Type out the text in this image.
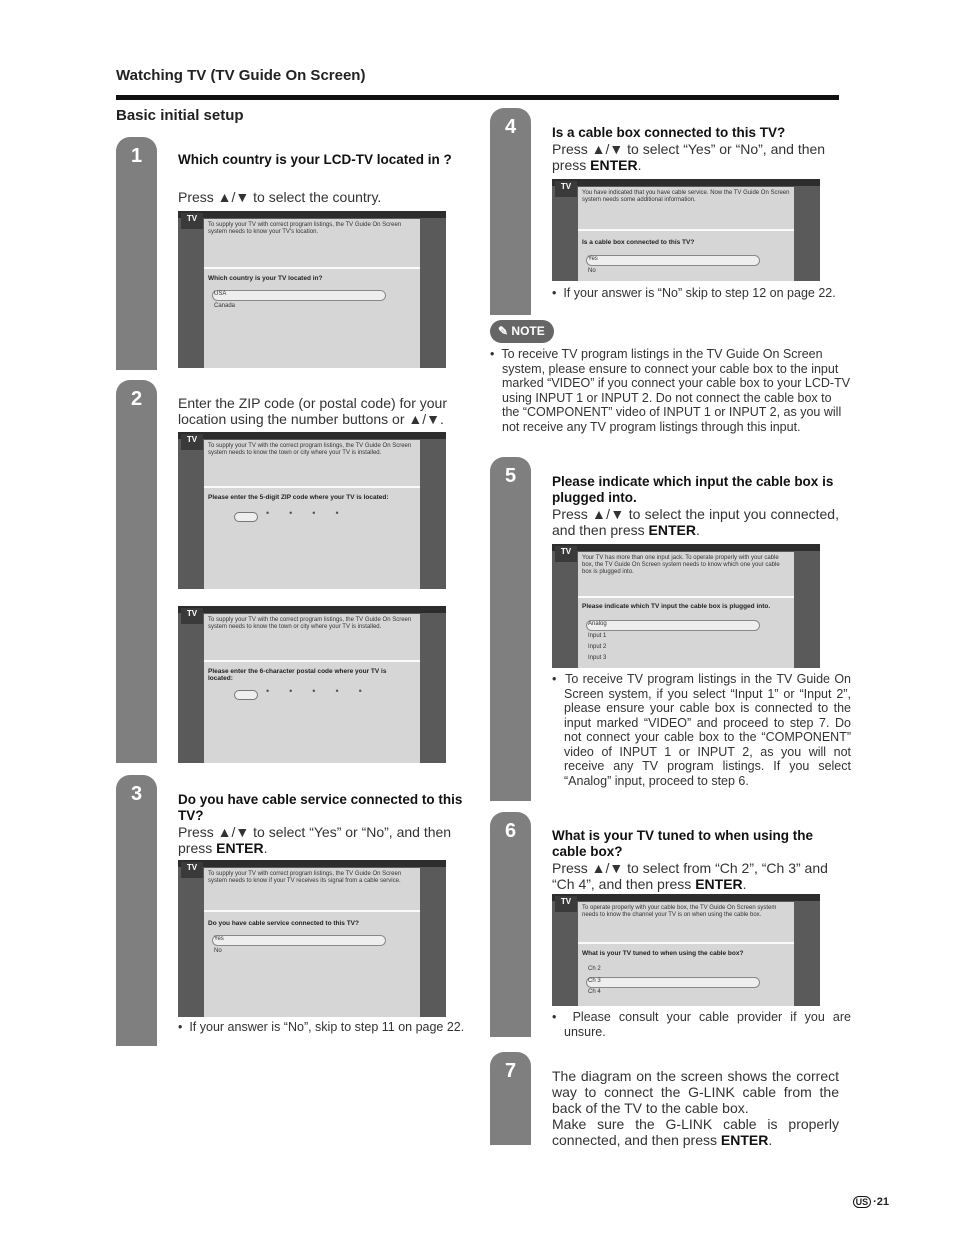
Watching TV (TV Guide On Screen)
Basic initial setup
1
2
3
Which country is your LCD-TV located in ?
Press ▲/▼ to select the country.
TV
To supply your TV with correct program listings, the TV Guide On Screen system needs to know your TV's location.
Which country is your TV located in?
USA
Canada
Enter the ZIP code (or postal code) for your location using the number buttons or ▲/▼.
TV
To supply your TV with the correct program listings, the TV Guide On Screen system needs to know the town or city where your TV is installed.
Please enter the 5-digit ZIP code where your TV is located:
••••
TV
To supply your TV with the correct program listings, the TV Guide On Screen system needs to know the town or city where your TV is installed.
Please enter the 6-character postal code where your TV is located:
•••••
Do you have cable service connected to this TV?
Press ▲/▼ to select “Yes” or “No”, and then press ENTER.
TV
To supply your TV with correct program listings, the TV Guide On Screen system needs to know if your TV receives its signal from a cable service.
Do you have cable service connected to this TV?
Yes
No
•  If your answer is “No”, skip to step 11 on page 22.
4
5
6
7
Is a cable box connected to this TV?
Press ▲/▼ to select “Yes” or “No”, and then press ENTER.
TV
You have indicated that you have cable service. Now the TV Guide On Screen system needs some additional information.
Is a cable box connected to this TV?
Yes
No
•  If your answer is “No” skip to step 12 on page 22.
✎ NOTE
•  To receive TV program listings in the TV Guide On Screen system, please ensure to connect your cable box to the input marked “VIDEO” if you connect your cable box to your LCD-TV using INPUT 1 or INPUT 2. Do not connect the cable box to the “COMPONENT” video of INPUT 1 or INPUT 2, as you will not receive any TV program listings through this input.
Please indicate which input the cable box is plugged into.
Press ▲/▼ to select the input you connected, and then press ENTER.
TV
Your TV has more than one input jack. To operate properly with your cable box, the TV Guide On Screen system needs to know which one your cable box is plugged into.
Please indicate which TV input the cable box is plugged into.
Analog
Input 1
Input 2
Input 3
•  To receive TV program listings in the TV Guide On Screen system, if you select “Input 1” or “Input 2”, please ensure your cable box is connected to the input marked “VIDEO” and proceed to step 7. Do not connect your cable box to the “COMPONENT” video of INPUT 1 or INPUT 2, as you will not receive any TV program listings. If you select “Analog” input, proceed to step 6.
What is your TV tuned to when using the cable box?
Press ▲/▼ to select from “Ch 2”, “Ch 3” and “Ch 4”, and then press ENTER.
TV
To operate properly with your cable box, the TV Guide On Screen system needs to know the channel your TV is on when using the cable box.
What is your TV tuned to when using the cable box?
Ch 2
Ch 3
Ch 4
•  Please consult your cable provider if you are unsure.
The diagram on the screen shows the correct way to connect the G-LINK cable from the back of the TV to the cable box.
Make sure the G-LINK cable is properly connected, and then press ENTER.
US ·21
